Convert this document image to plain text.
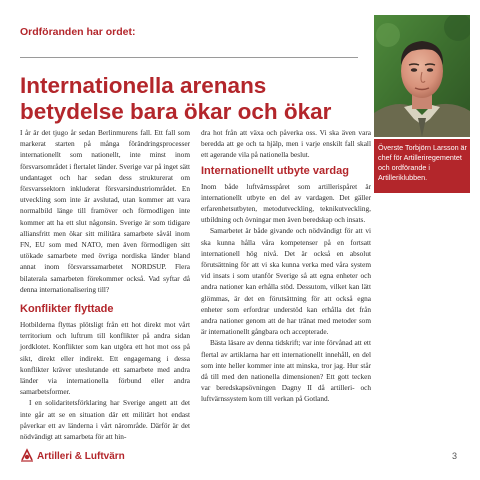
Ordföranden har ordet:
Internationella arenans betydelse bara ökar och ökar
Överste Torbjörn Larsson är chef för Artilleriregementet och ordförande i Artilleriklubben.

I år är det tjugo år sedan Berlinmurens fall. Ett fall som markerat starten på många förändringsprocesser internationellt som nationellt, inte minst inom försvarsområdet i flertalet länder. Sverige var på inget sätt undantaget och har sedan dess strukturerat om försvarssektorn inkluderat försvarsindustriområdet. En utveckling som inte är avslutad, utan kommer att vara normalbild länge till framöver och förmodligen inte kommer att ha ett slut någonsin. Sverige är som tidigare alliansfritt men ökar sitt militära samarbete såväl inom FN, EU som med NATO, men även förmodligen sitt utökade samarbete med övriga nordiska länder bland annat inom försvarssamarbetet NORDSUP. Flera bilaterala samarbeten förekommer också. Vad syftar då denna internationalisering till?

Konflikter flyttade

Hotbilderna flyttas plötsligt från ett hot direkt mot vårt territorium och luftrum till konflikter på andra sidan jordklotet. Konflikter som kan utgöra ett hot mot oss på sikt, direkt eller indirekt. Ett engagemang i dessa konflikter kräver uteslutande ett samarbete med andra länder via internationella förbund eller andra samarbetsformer.

I en solidaritetsförklaring har Sverige angett att det inte går att se en situation där ett militärt hot endast påverkar ett av länderna i vårt närområde. Därför är det nödvändigt att samarbeta för att hin-

dra hot från att växa och påverka oss. Vi ska även vara beredda att ge och ta hjälp, men i varje enskilt fall skall ett agerande vila på nationella beslut.

Internationellt utbyte vardag

Inom både luftvärnsspåret som artillerispåret är internationellt utbyte en del av vardagen. Det gäller erfarenhetsutbyten, metodutveckling, teknikutveckling, utbildning och övningar men även beredskap och insats.

Samarbetet är både givande och nödvändigt för att vi ska kunna hålla våra kompetenser på en fortsatt internationell hög nivå. Det är också en absolut förutsättning för att vi ska kunna verka med våra system vid insats i som utanför Sverige så att egna enheter och andra nationer kan erhålla stöd. Dessutom, vilket kan lätt glömmas, är det en förutsättning för att också egna enheter som erfordrar understöd kan erhålla det från andra nationer genom att de har tränat med metoder som är internationellt gångbara och accepterade.

Bästa läsare av denna tidskrift; var inte förvånad att ett flertal av artiklarna har ett internationellt innehåll, en del som inte heller kommer inte att minska, tror jag. Hur står då till med den nationella dimensionen? Ett gott tecken var beredskapsövningen Dagny II då artilleri- och luftvärnssystem kom till verkan på Gotland.

Artilleri & Luftvärn	3
